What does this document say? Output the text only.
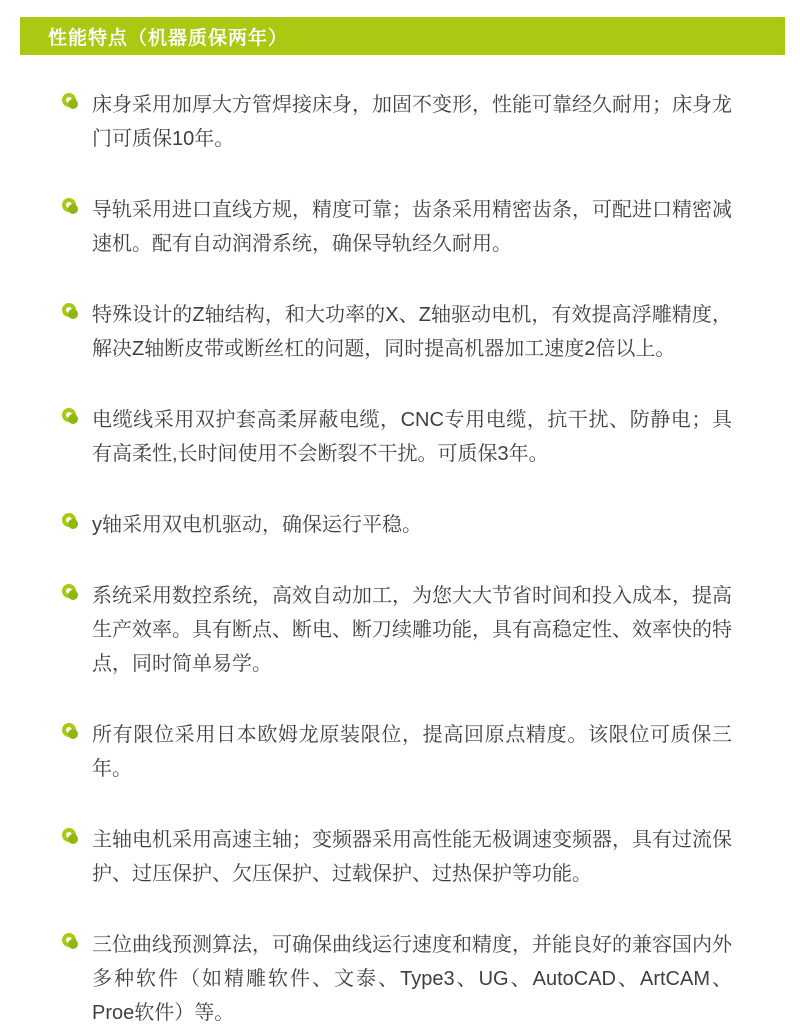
性能特点（机器质保两年）
床身采用加厚大方管焊接床身，加固不变形，性能可靠经久耐用；床身龙门可质保10年。
导轨采用进口直线方规，精度可靠；齿条采用精密齿条，可配进口精密减速机。配有自动润滑系统，确保导轨经久耐用。
特殊设计的Z轴结构，和大功率的X、Z轴驱动电机，有效提高浮雕精度，解决Z轴断皮带或断丝杠的问题，同时提高机器加工速度2倍以上。
电缆线采用双护套高柔屏蔽电缆，CNC专用电缆，抗干扰、防静电；具有高柔性,长时间使用不会断裂不干扰。可质保3年。
y轴采用双电机驱动，确保运行平稳。
系统采用数控系统，高效自动加工，为您大大节省时间和投入成本，提高生产效率。具有断点、断电、断刀续雕功能，具有高稳定性、效率快的特点，同时简单易学。
所有限位采用日本欧姆龙原装限位，提高回原点精度。该限位可质保三年。
主轴电机采用高速主轴；变频器采用高性能无极调速变频器，具有过流保护、过压保护、欠压保护、过载保护、过热保护等功能。
三位曲线预测算法，可确保曲线运行速度和精度，并能良好的兼容国内外多种软件（如精雕软件、文泰、Type3、UG、AutoCAD、ArtCAM、Proe软件）等。
